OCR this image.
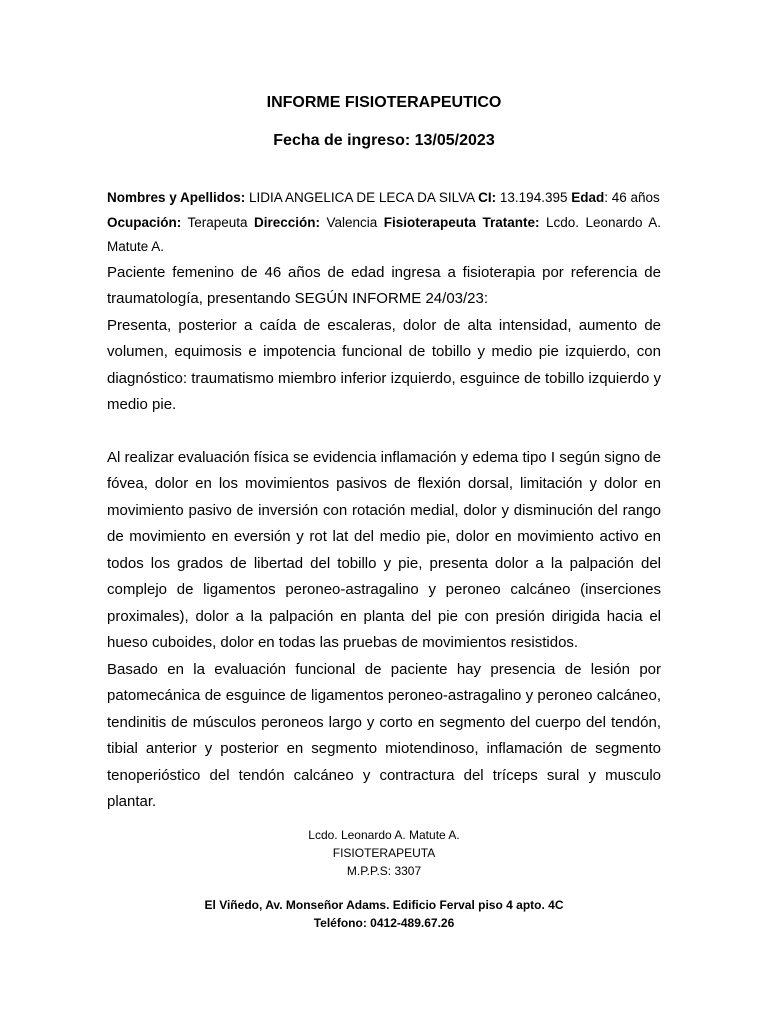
INFORME FISIOTERAPEUTICO
Fecha de ingreso: 13/05/2023

Nombres y Apellidos: LIDIA ANGELICA DE LECA DA SILVA CI: 13.194.395 Edad: 46 años
Ocupación: Terapeuta Dirección: Valencia Fisioterapeuta Tratante: Lcdo. Leonardo A. Matute A.

Paciente femenino de 46 años de edad ingresa a fisioterapia por referencia de traumatología, presentando SEGÚN INFORME 24/03/23:

Presenta, posterior a caída de escaleras, dolor de alta intensidad, aumento de volumen, equimosis e impotencia funcional de tobillo y medio pie izquierdo, con diagnóstico: traumatismo miembro inferior izquierdo, esguince de tobillo izquierdo y medio pie.

Al realizar evaluación física se evidencia inflamación y edema tipo I según signo de fóvea, dolor en los movimientos pasivos de flexión dorsal, limitación y dolor en movimiento pasivo de inversión con rotación medial, dolor y disminución del rango de movimiento en eversión y rot lat del medio pie, dolor en movimiento activo en todos los grados de libertad del tobillo y pie, presenta dolor a la palpación del complejo de ligamentos peroneo-astragalino y peroneo calcáneo (inserciones proximales), dolor a la palpación en planta del pie con presión dirigida hacia el hueso cuboides, dolor en todas las pruebas de movimientos resistidos.

Basado en la evaluación funcional de paciente hay presencia de lesión por patomecánica de esguince de ligamentos peroneo-astragalino y peroneo calcáneo, tendinitis de músculos peroneos largo y corto en segmento del cuerpo del tendón, tibial anterior y posterior en segmento miotendinoso, inflamación de segmento tenoperióstico del tendón calcáneo y contractura del tríceps sural y musculo plantar.

Lcdo. Leonardo A. Matute A.
FISIOTERAPEUTA
M.P.P.S: 3307
El Viñedo, Av. Monseñor Adams. Edificio Ferval piso 4 apto. 4C
Teléfono: 0412-489.67.26
